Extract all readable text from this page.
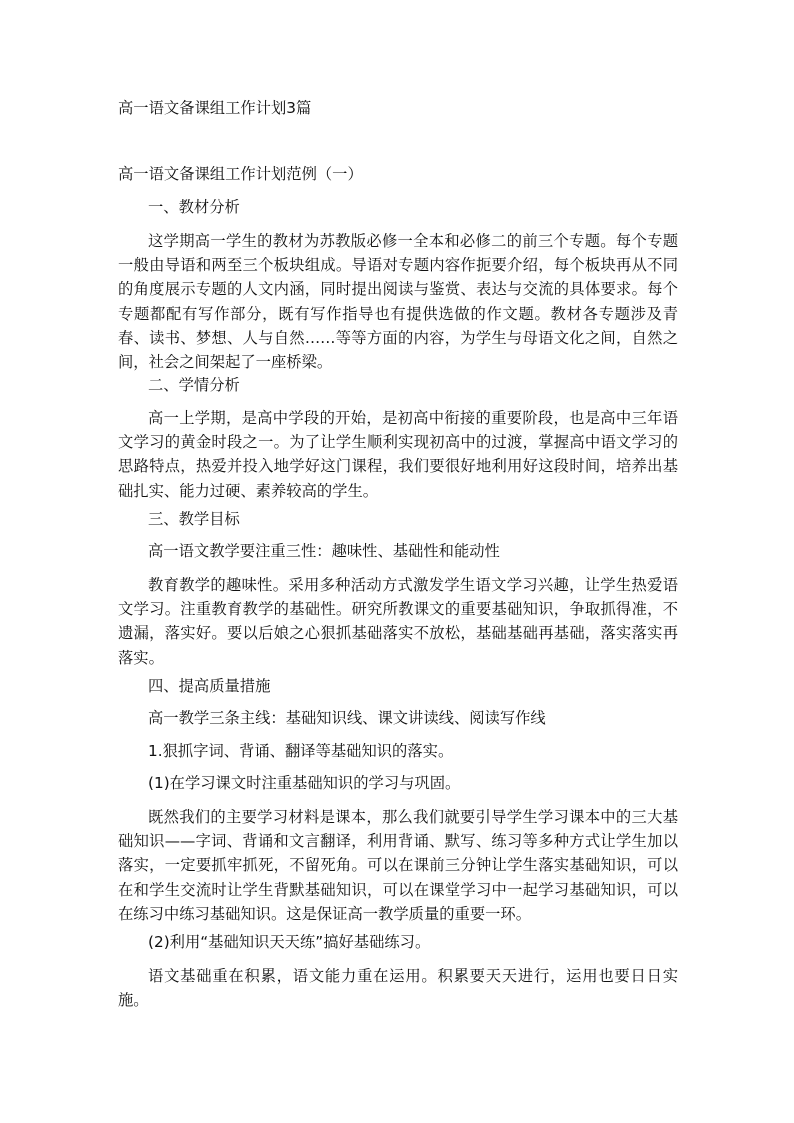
高一语文备课组工作计划3篇
高一语文备课组工作计划范例（一）
一、教材分析
这学期高一学生的教材为苏教版必修一全本和必修二的前三个专题。每个专题一般由导语和两至三个板块组成。导语对专题内容作扼要介绍，每个板块再从不同的角度展示专题的人文内涵，同时提出阅读与鉴赏、表达与交流的具体要求。每个专题都配有写作部分，既有写作指导也有提供选做的作文题。教材各专题涉及青春、读书、梦想、人与自然……等等方面的内容，为学生与母语文化之间，自然之间，社会之间架起了一座桥梁。
二、学情分析
高一上学期，是高中学段的开始，是初高中衔接的重要阶段，也是高中三年语文学习的黄金时段之一。为了让学生顺利实现初高中的过渡，掌握高中语文学习的思路特点，热爱并投入地学好这门课程，我们要很好地利用好这段时间，培养出基础扎实、能力过硬、素养较高的学生。
三、教学目标
高一语文教学要注重三性：趣味性、基础性和能动性
教育教学的趣味性。采用多种活动方式激发学生语文学习兴趣，让学生热爱语文学习。注重教育教学的基础性。研究所教课文的重要基础知识，争取抓得准，不遗漏，落实好。要以后娘之心狠抓基础落实不放松，基础基础再基础，落实落实再落实。
四、提高质量措施
高一教学三条主线：基础知识线、课文讲读线、阅读写作线
1.狠抓字词、背诵、翻译等基础知识的落实。
(1)在学习课文时注重基础知识的学习与巩固。
既然我们的主要学习材料是课本，那么我们就要引导学生学习课本中的三大基础知识——字词、背诵和文言翻译，利用背诵、默写、练习等多种方式让学生加以落实，一定要抓牢抓死，不留死角。可以在课前三分钟让学生落实基础知识，可以在和学生交流时让学生背默基础知识，可以在课堂学习中一起学习基础知识，可以在练习中练习基础知识。这是保证高一教学质量的重要一环。
(2)利用“基础知识天天练”搞好基础练习。
语文基础重在积累，语文能力重在运用。积累要天天进行，运用也要日日实施。
